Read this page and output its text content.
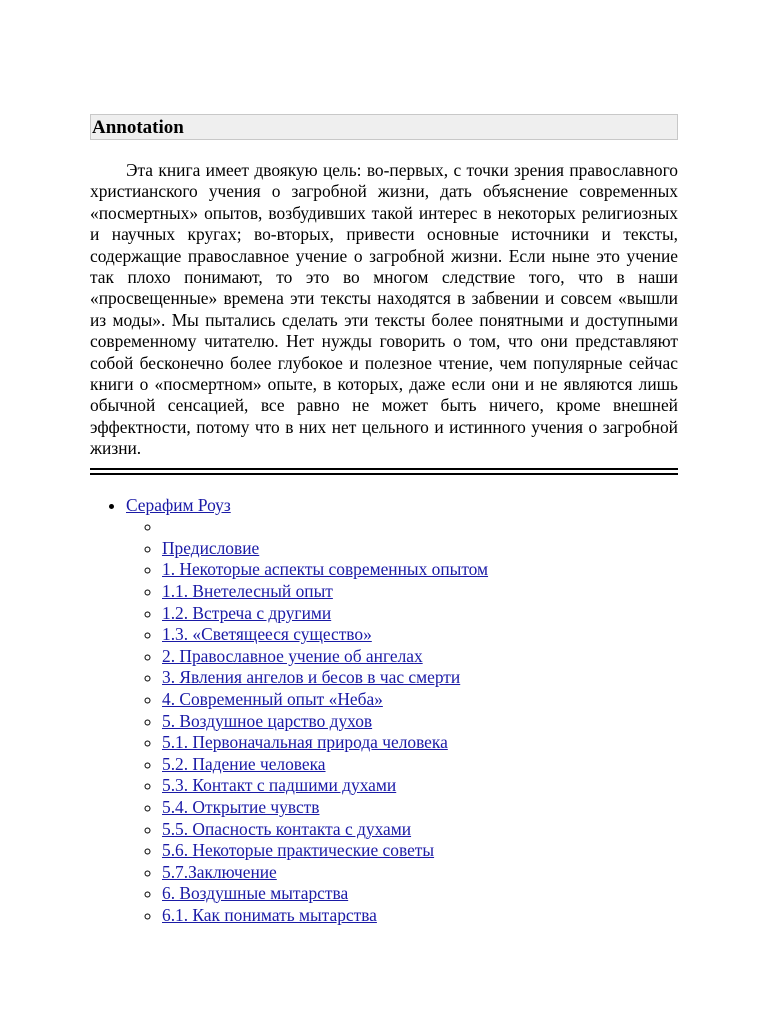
Annotation

Эта книга имеет двоякую цель: во-первых, с точки зрения православного христианского учения о загробной жизни, дать объяснение современных «посмертных» опытов, возбудивших такой интерес в некоторых религиозных и научных кругах; во-вторых, привести основные источники и тексты, содержащие православное учение о загробной жизни. Если ныне это учение так плохо понимают, то это во многом следствие того, что в наши «просвещенные» времена эти тексты находятся в забвении и совсем «вышли из моды». Мы пытались сделать эти тексты более понятными и доступными современному читателю. Нет нужды говорить о том, что они представляют собой бесконечно более глубокое и полезное чтение, чем популярные сейчас книги о «посмертном» опыте, в которых, даже если они и не являются лишь обычной сенсацией, все равно не может быть ничего, кроме внешней эффектности, потому что в них нет цельного и истинного учения о загробной жизни.

• Серафим Роуз
◦
◦ Предисловие
◦ 1. Некоторые аспекты современных опытом
◦ 1.1. Внетелесный опыт
◦ 1.2. Встреча с другими
◦ 1.3. «Светящееся существо»
◦ 2. Православное учение об ангелах
◦ 3. Явления ангелов и бесов в час смерти
◦ 4. Современный опыт «Неба»
◦ 5. Воздушное царство духов
◦ 5.1. Первоначальная природа человека
◦ 5.2. Падение человека
◦ 5.3. Контакт с падшими духами
◦ 5.4. Открытие чувств
◦ 5.5. Опасность контакта с духами
◦ 5.6. Некоторые практические советы
◦ 5.7.Заключение
◦ 6. Воздушные мытарства
◦ 6.1. Как понимать мытарства
